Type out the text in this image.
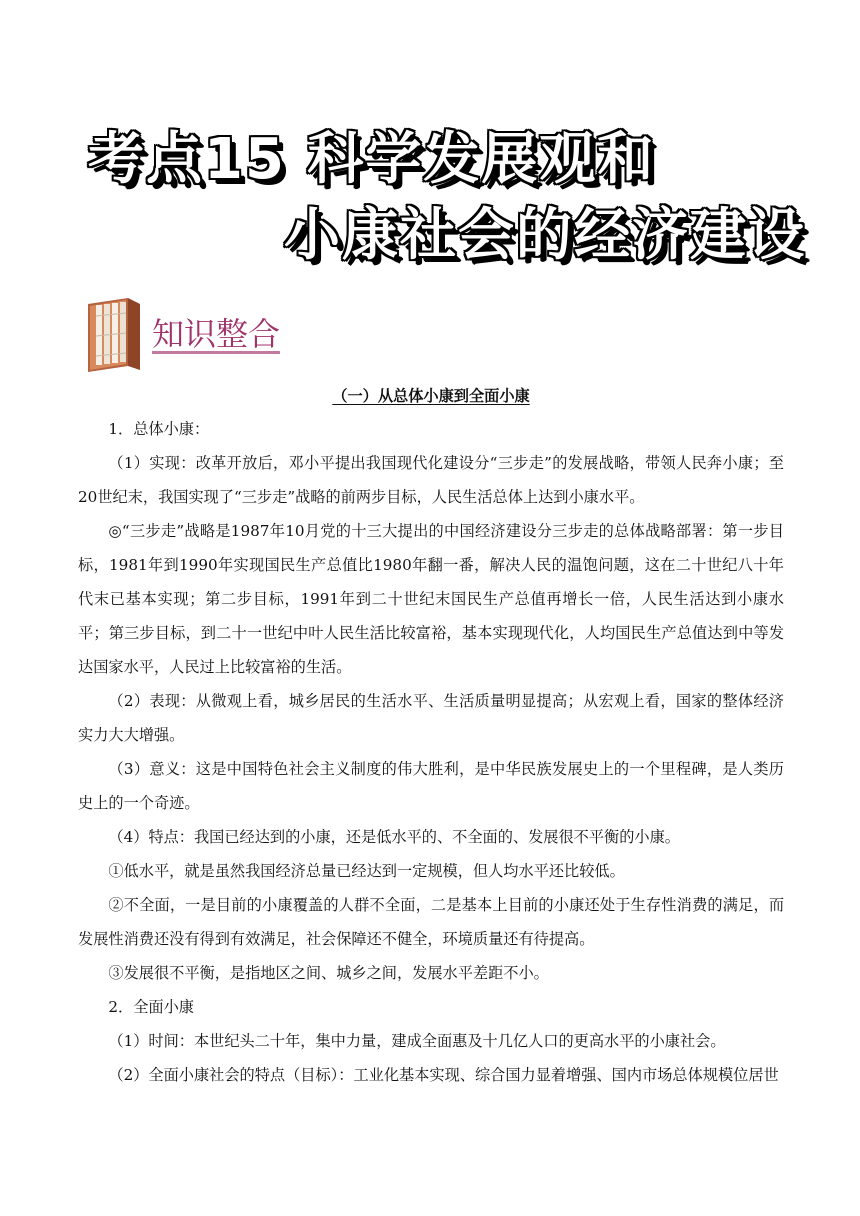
考点15 科学发展观和
小康社会的经济建设
知识整合

（一）从总体小康到全面小康

1．总体小康：

（1）实现：改革开放后，邓小平提出我国现代化建设分“三步走”的发展战略，带领人民奔小康；至20世纪末，我国实现了“三步走”战略的前两步目标，人民生活总体上达到小康水平。

◎“三步走”战略是1987年10月党的十三大提出的中国经济建设分三步走的总体战略部署：第一步目标，1981年到1990年实现国民生产总值比1980年翻一番，解决人民的温饱问题，这在二十世纪八十年代末已基本实现；第二步目标，1991年到二十世纪末国民生产总值再增长一倍，人民生活达到小康水平；第三步目标，到二十一世纪中叶人民生活比较富裕，基本实现现代化，人均国民生产总值达到中等发达国家水平，人民过上比较富裕的生活。

（2）表现：从微观上看，城乡居民的生活水平、生活质量明显提高；从宏观上看，国家的整体经济实力大大增强。

（3）意义：这是中国特色社会主义制度的伟大胜利，是中华民族发展史上的一个里程碑，是人类历史上的一个奇迹。

（4）特点：我国已经达到的小康，还是低水平的、不全面的、发展很不平衡的小康。

①低水平，就是虽然我国经济总量已经达到一定规模，但人均水平还比较低。

②不全面，一是目前的小康覆盖的人群不全面，二是基本上目前的小康还处于生存性消费的满足，而发展性消费还没有得到有效满足，社会保障还不健全，环境质量还有待提高。

③发展很不平衡，是指地区之间、城乡之间，发展水平差距不小。

2．全面小康

（1）时间：本世纪头二十年，集中力量，建成全面惠及十几亿人口的更高水平的小康社会。

（2）全面小康社会的特点（目标）：工业化基本实现、综合国力显着增强、国内市场总体规模位居世
